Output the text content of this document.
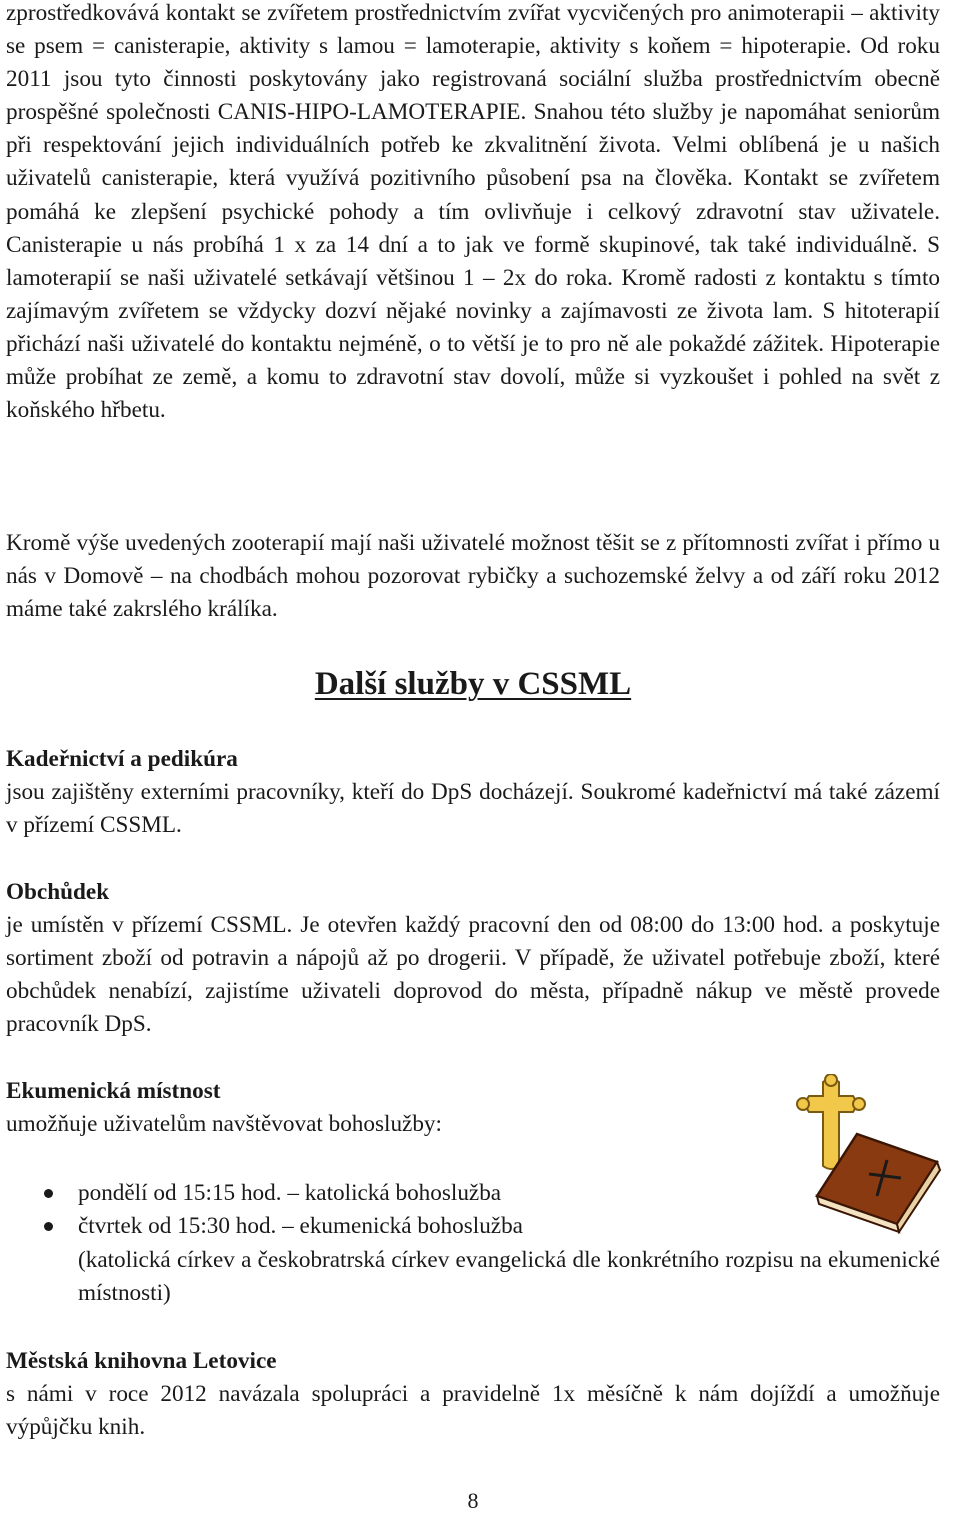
zprostředkovává kontakt se zvířetem prostřednictvím zvířat vycvičených pro animoterapii – aktivity se psem = canisterapie, aktivity s lamou = lamoterapie, aktivity s koňem = hipoterapie. Od roku 2011 jsou tyto činnosti poskytovány jako registrovaná sociální služba prostřednictvím obecně prospěšné společnosti CANIS-HIPO-LAMOTERAPIE. Snahou této služby je napomáhat seniorům při respektování jejich individuálních potřeb ke zkvalitnění života. Velmi oblíbená je u našich uživatelů canisterapie, která využívá pozitivního působení psa na člověka. Kontakt se zvířetem pomáhá ke zlepšení psychické pohody a tím ovlivňuje i celkový zdravotní stav uživatele. Canisterapie u nás probíhá 1 x za 14 dní a to jak ve formě skupinové, tak také individuálně. S lamoterapií se naši uživatelé setkávají většinou 1 – 2x do roka. Kromě radosti z kontaktu s tímto zajímavým zvířetem se vždycky dozví nějaké novinky a zajímavosti ze života lam. S hitoterapií přichází naši uživatelé do kontaktu nejméně, o to větší je to pro ně ale pokaždé zážitek. Hipoterapie může probíhat ze země, a komu to zdravotní stav dovolí, může si vyzkoušet i pohled na svět z koňského hřbetu.

Kromě výše uvedených zooterapií mají naši uživatelé možnost těšit se z přítomnosti zvířat i přímo u nás v Domově – na chodbách mohou pozorovat rybičky a suchozemské želvy a od září roku 2012 máme také zakrslého králíka.

Další služby v CSSML
Kadeřnictví a pedikúra

jsou zajištěny externími pracovníky, kteří do DpS docházejí. Soukromé kadeřnictví má také zázemí v přízemí CSSML.

Obchůdek

je umístěn v přízemí CSSML. Je otevřen každý pracovní den od 08:00 do 13:00 hod. a poskytuje sortiment zboží od potravin a nápojů až po drogerii. V případě, že uživatel potřebuje zboží, které obchůdek nenabízí, zajistíme uživateli doprovod do města, případně nákup ve městě provede pracovník DpS.

Ekumenická místnost

umožňuje uživatelům navštěvovat bohoslužby:

pondělí od 15:15 hod. – katolická bohoslužba
čtvrtek od 15:30 hod. – ekumenická bohoslužba

(katolická církev a českobratrská církev evangelická dle konkrétního rozpisu na ekumenické místnosti)

Městská knihovna Letovice

s námi v roce 2012 navázala spolupráci a pravidelně 1x měsíčně k nám dojíždí a umožňuje výpůjčku knih.

8
